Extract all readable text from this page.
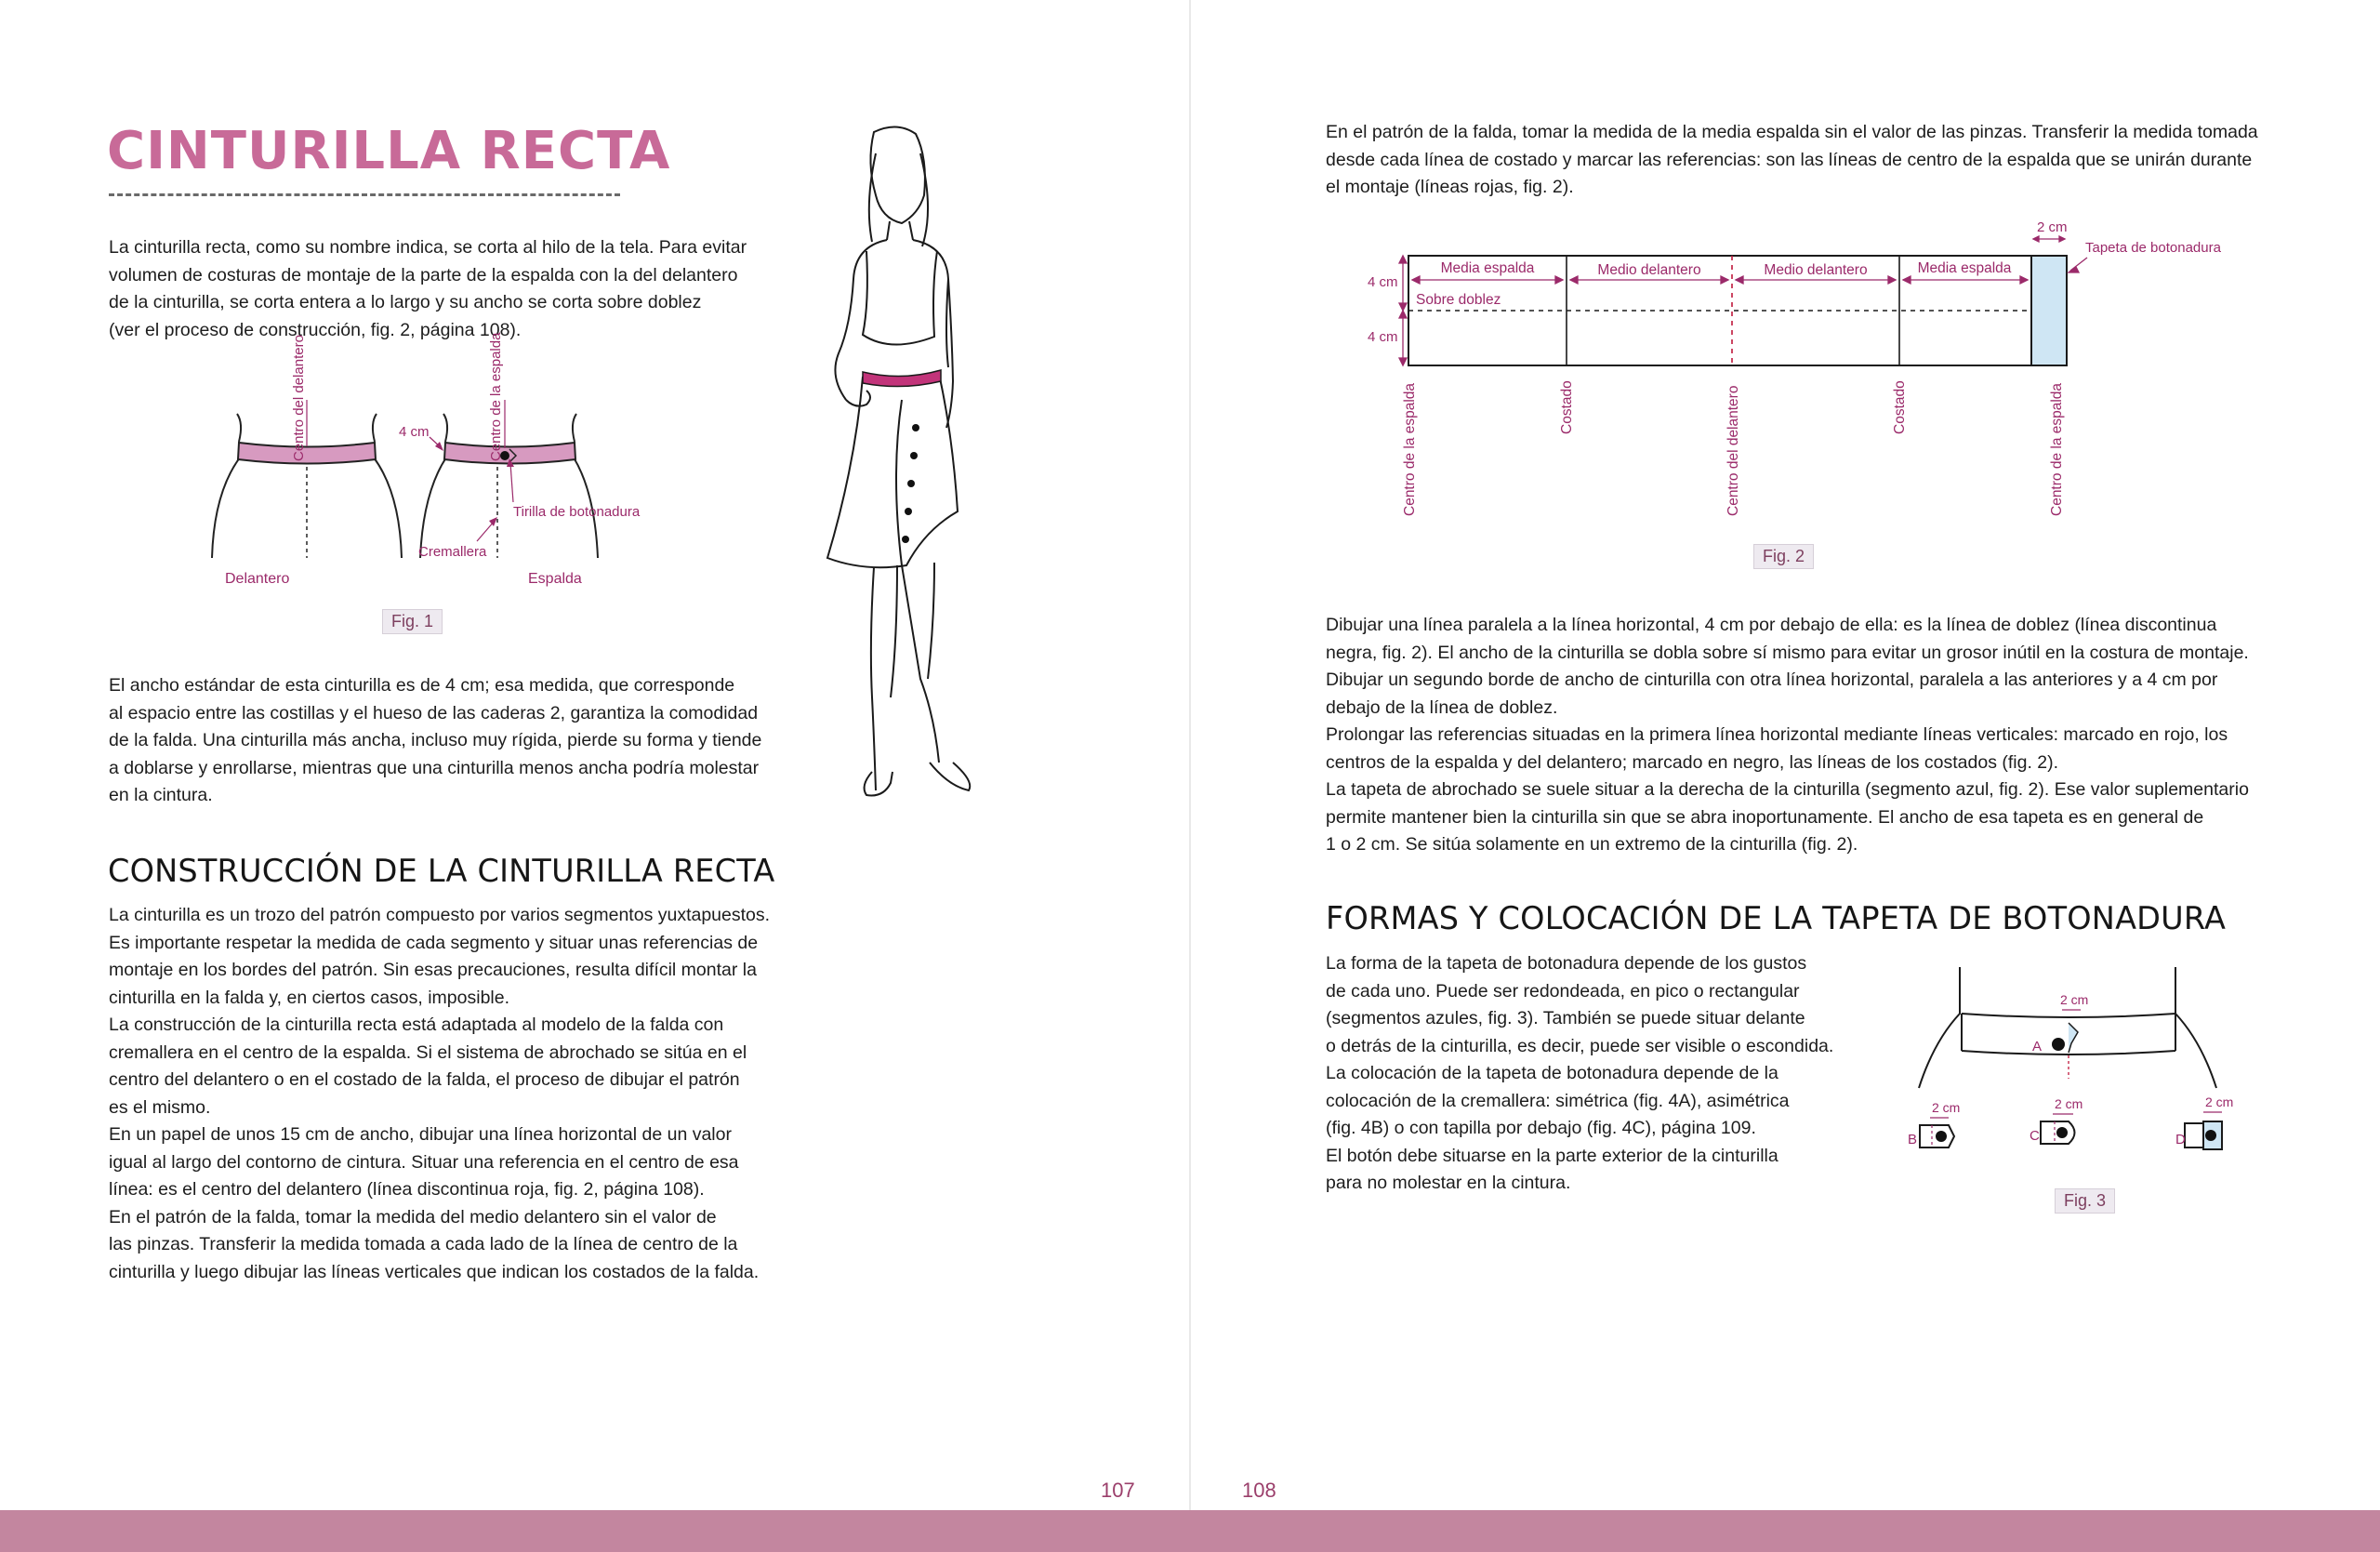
CINTURILLA RECTA

La cinturilla recta, como su nombre indica, se corta al hilo de la tela. Para evitar
volumen de costuras de montaje de la parte de la espalda con la del delantero
de la cinturilla, se corta entera a lo largo y su ancho se corta sobre doblez
(ver el proceso de construcción, fig. 2, página 108).

Centro del delantero	4 cm	Centro de la espalda
Tirilla de botonadura
Cremallera
Delantero	Espalda
Fig. 1

El ancho estándar de esta cinturilla es de 4 cm; esa medida, que corresponde
al espacio entre las costillas y el hueso de las caderas 2, garantiza la comodidad
de la falda. Una cinturilla más ancha, incluso muy rígida, pierde su forma y tiende
a doblarse y enrollarse, mientras que una cinturilla menos ancha podría molestar
en la cintura.

CONSTRUCCIÓN DE LA CINTURILLA RECTA

La cinturilla es un trozo del patrón compuesto por varios segmentos yuxtapuestos.
Es importante respetar la medida de cada segmento y situar unas referencias de
montaje en los bordes del patrón. Sin esas precauciones, resulta difícil montar la
cinturilla en la falda y, en ciertos casos, imposible.
La construcción de la cinturilla recta está adaptada al modelo de la falda con
cremallera en el centro de la espalda. Si el sistema de abrochado se sitúa en el
centro del delantero o en el costado de la falda, el proceso de dibujar el patrón
es el mismo.
En un papel de unos 15 cm de ancho, dibujar una línea horizontal de un valor
igual al largo del contorno de cintura. Situar una referencia en el centro de esa
línea: es el centro del delantero (línea discontinua roja, fig. 2, página 108).
En el patrón de la falda, tomar la medida del medio delantero sin el valor de
las pinzas. Transferir la medida tomada a cada lado de la línea de centro de la
cinturilla y luego dibujar las líneas verticales que indican los costados de la falda.

107

En el patrón de la falda, tomar la medida de la media espalda sin el valor de las pinzas. Transferir la medida tomada
desde cada línea de costado y marcar las referencias: son las líneas de centro de la espalda que se unirán durante
el montaje (líneas rojas, fig. 2).

2 cm
Tapeta de botonadura
4 cm
4 cm
Media espalda	Medio delantero	Medio delantero	Media espalda
Sobre doblez
Centro de la espalda	Costado	Centro del delantero	Costado	Centro de la espalda
Fig. 2

Dibujar una línea paralela a la línea horizontal, 4 cm por debajo de ella: es la línea de doblez (línea discontinua
negra, fig. 2). El ancho de la cinturilla se dobla sobre sí mismo para evitar un grosor inútil en la costura de montaje.
Dibujar un segundo borde de ancho de cinturilla con otra línea horizontal, paralela a las anteriores y a 4 cm por
debajo de la línea de doblez.
Prolongar las referencias situadas en la primera línea horizontal mediante líneas verticales: marcado en rojo, los
centros de la espalda y del delantero; marcado en negro, las líneas de los costados (fig. 2).
La tapeta de abrochado se suele situar a la derecha de la cinturilla (segmento azul, fig. 2). Ese valor suplementario
permite mantener bien la cinturilla sin que se abra inoportunamente. El ancho de esa tapeta es en general de
1 o 2 cm. Se sitúa solamente en un extremo de la cinturilla (fig. 2).

FORMAS Y COLOCACIÓN DE LA TAPETA DE BOTONADURA

La forma de la tapeta de botonadura depende de los gustos
de cada uno. Puede ser redondeada, en pico o rectangular
(segmentos azules, fig. 3). También se puede situar delante
o detrás de la cinturilla, es decir, puede ser visible o escondida.
La colocación de la tapeta de botonadura depende de la
colocación de la cremallera: simétrica (fig. 4A), asimétrica
(fig. 4B) o con tapilla por debajo (fig. 4C), página 109.
El botón debe situarse en la parte exterior de la cinturilla
para no molestar en la cintura.

2 cm
A
2 cm
B
2 cm
C
2 cm
D
Fig. 3
108
